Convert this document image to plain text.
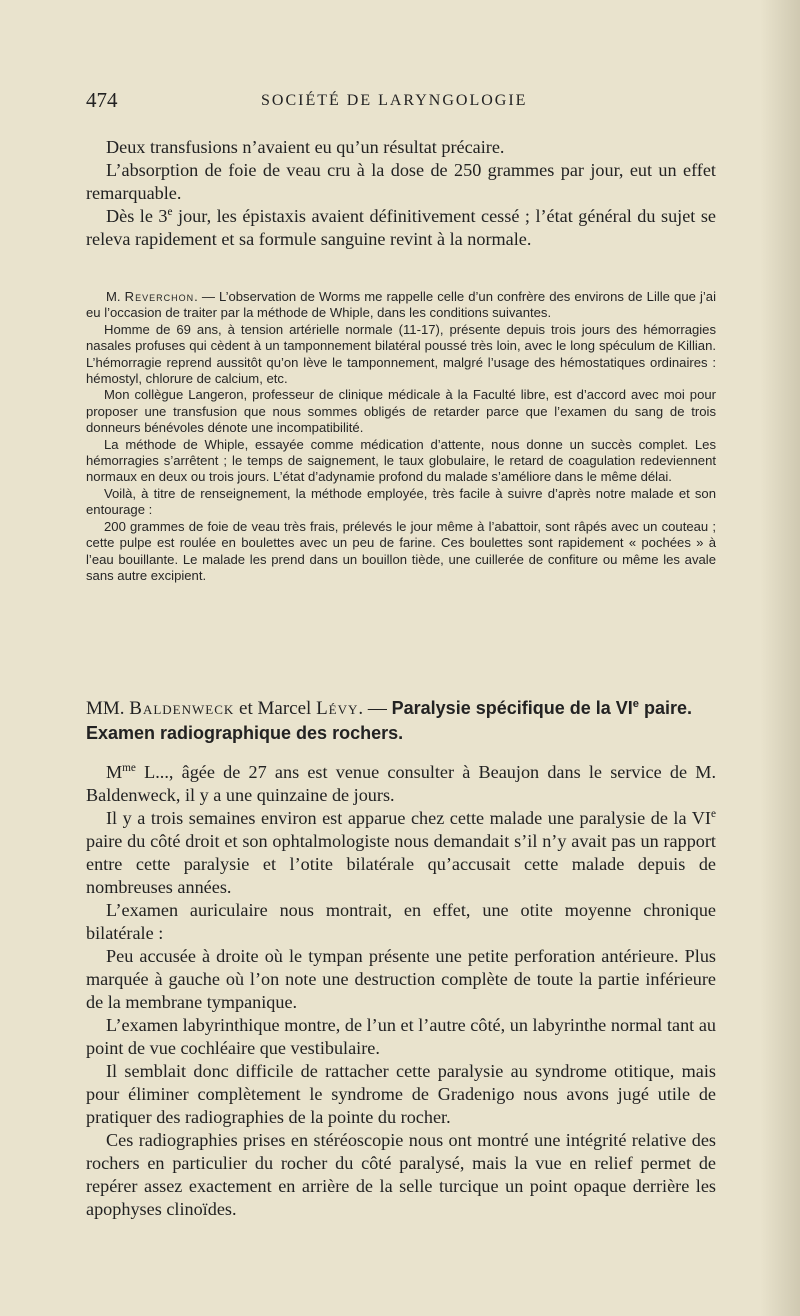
474	SOCIÉTÉ DE LARYNGOLOGIE

Deux transfusions n’avaient eu qu’un résultat précaire.

L’absorption de foie de veau cru à la dose de 250 grammes par jour, eut un effet remarquable.

Dès le 3e jour, les épistaxis avaient définitivement cessé ; l’état général du sujet se releva rapidement et sa formule sanguine revint à la normale.

M. Reverchon. — L’observation de Worms me rappelle celle d’un confrère des environs de Lille que j’ai eu l’occasion de traiter par la méthode de Whiple, dans les conditions suivantes.

Homme de 69 ans, à tension artérielle normale (11-17), présente depuis trois jours des hémorragies nasales profuses qui cèdent à un tamponnement bilatéral poussé très loin, avec le long spéculum de Killian. L’hémorragie reprend aussitôt qu’on lève le tamponnement, malgré l’usage des hémostatiques ordinaires : hémostyl, chlorure de calcium, etc.

Mon collègue Langeron, professeur de clinique médicale à la Faculté libre, est d’accord avec moi pour proposer une transfusion que nous sommes obligés de retarder parce que l’examen du sang de trois donneurs bénévoles dénote une incompatibilité.

La méthode de Whiple, essayée comme médication d’attente, nous donne un succès complet. Les hémorragies s’arrêtent ; le temps de saignement, le taux globulaire, le retard de coagulation redeviennent normaux en deux ou trois jours. L’état d’adynamie profond du malade s’améliore dans le même délai.

Voilà, à titre de renseignement, la méthode employée, très facile à suivre d’après notre malade et son entourage :

200 grammes de foie de veau très frais, prélevés le jour même à l’abattoir, sont râpés avec un couteau ; cette pulpe est roulée en boulettes avec un peu de farine. Ces boulettes sont rapidement « pochées » à l’eau bouillante. Le malade les prend dans un bouillon tiède, une cuillerée de confiture ou même les avale sans autre excipient.

MM. Baldenweck et Marcel Lévy. — Paralysie spécifique de la VIe paire. Examen radiographique des rochers.

$M^{me}$ L..., âgée de 27 ans est venue consulter à Beaujon dans le service de M. Baldenweck, il y a une quinzaine de jours.

Il y a trois semaines environ est apparue chez cette malade une paralysie de la VIe paire du côté droit et son ophtalmologiste nous demandait s’il n’y avait pas un rapport entre cette paralysie et l’otite bilatérale qu’accusait cette malade depuis de nombreuses années.

L’examen auriculaire nous montrait, en effet, une otite moyenne chronique bilatérale :

Peu accusée à droite où le tympan présente une petite perforation antérieure. Plus marquée à gauche où l’on note une destruction complète de toute la partie inférieure de la membrane tympanique.

L’examen labyrinthique montre, de l’un et l’autre côté, un labyrinthe normal tant au point de vue cochléaire que vestibulaire.

Il semblait donc difficile de rattacher cette paralysie au syndrome otitique, mais pour éliminer complètement le syndrome de Gradenigo nous avons jugé utile de pratiquer des radiographies de la pointe du rocher.

Ces radiographies prises en stéréoscopie nous ont montré une intégrité relative des rochers en particulier du rocher du côté paralysé, mais la vue en relief permet de repérer assez exactement en arrière de la selle turcique un point opaque derrière les apophyses clinoïdes.
